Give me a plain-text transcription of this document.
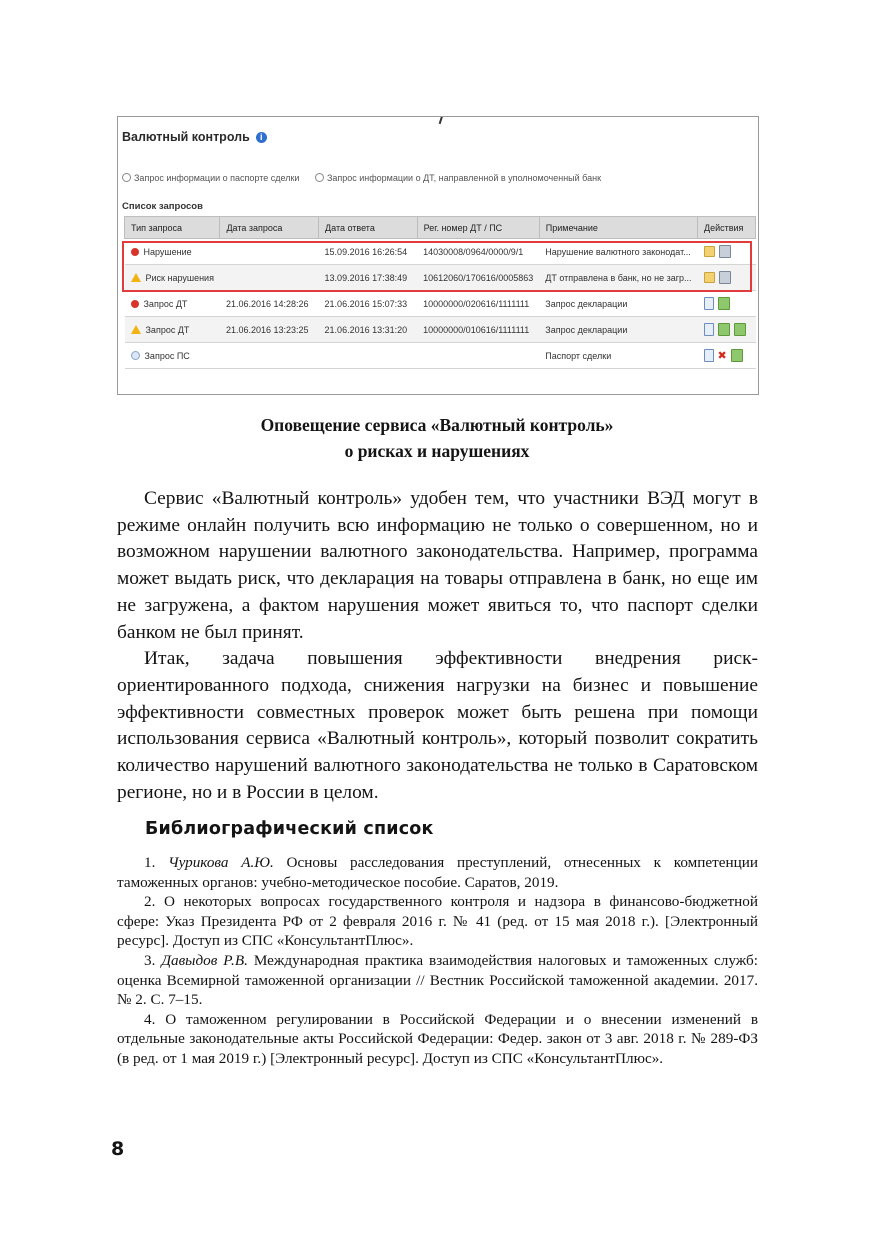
Валютный контроль i
Запрос информации о паспорте сделки	Запрос информации о ДТ, направленной в уполномоченный банк
Список запросов
Тип запроса	Дата запроса	Дата ответа	Рег. номер ДТ / ПС	Примечание	Действия
Нарушение		15.09.2016 16:26:54	14030008/0964/0000/9/1	Нарушение валютного законодат...	
Риск нарушения		13.09.2016 17:38:49	10612060/170616/0005863	ДТ отправлена в банк, но не загр...	
Запрос ДТ	21.06.2016 14:28:26	21.06.2016 15:07:33	10000000/020616/1111111	Запрос декларации	
Запрос ДТ	21.06.2016 13:23:25	21.06.2016 13:31:20	10000000/010616/1111111	Запрос декларации	
Запрос ПС				Паспорт сделки	✖
Оповещение сервиса «Валютный контроль»
о рисках и нарушениях

Сервис «Валютный контроль» удобен тем, что участники ВЭД могут в режиме онлайн получить всю информацию не только о совершенном, но и возможном нарушении валютного законодательства. Например, программа может выдать риск, что декларация на товары отправлена в банк, но еще им не загружена, а фактом нарушения может явиться то, что паспорт сделки банком не был принят.

Итак, задача повышения эффективности внедрения риск-ориентированного подхода, снижения нагрузки на бизнес и повышение эффективности совместных проверок может быть решена при помощи использования сервиса «Валютный контроль», который позволит сократить количество нарушений валютного законодательства не только в Саратовском регионе, но и в России в целом.

Библиографический список

1. Чурикова А.Ю. Основы расследования преступлений, отнесенных к компетенции таможенных органов: учебно-методическое пособие. Саратов, 2019.

2. О некоторых вопросах государственного контроля и надзора в финансово-бюджетной сфере: Указ Президента РФ от 2 февраля 2016 г. № 41 (ред. от 15 мая 2018 г.). [Электронный ресурс]. Доступ из СПС «КонсультантПлюс».

3. Давыдов Р.В. Международная практика взаимодействия налоговых и таможенных служб: оценка Всемирной таможенной организации // Вестник Российской таможенной академии. 2017. № 2. С. 7–15.

4. О таможенном регулировании в Российской Федерации и о внесении изменений в отдельные законодательные акты Российской Федерации: Федер. закон от 3 авг. 2018 г. № 289-ФЗ (в ред. от 1 мая 2019 г.) [Электронный ресурс]. Доступ из СПС «КонсультантПлюс».

8
